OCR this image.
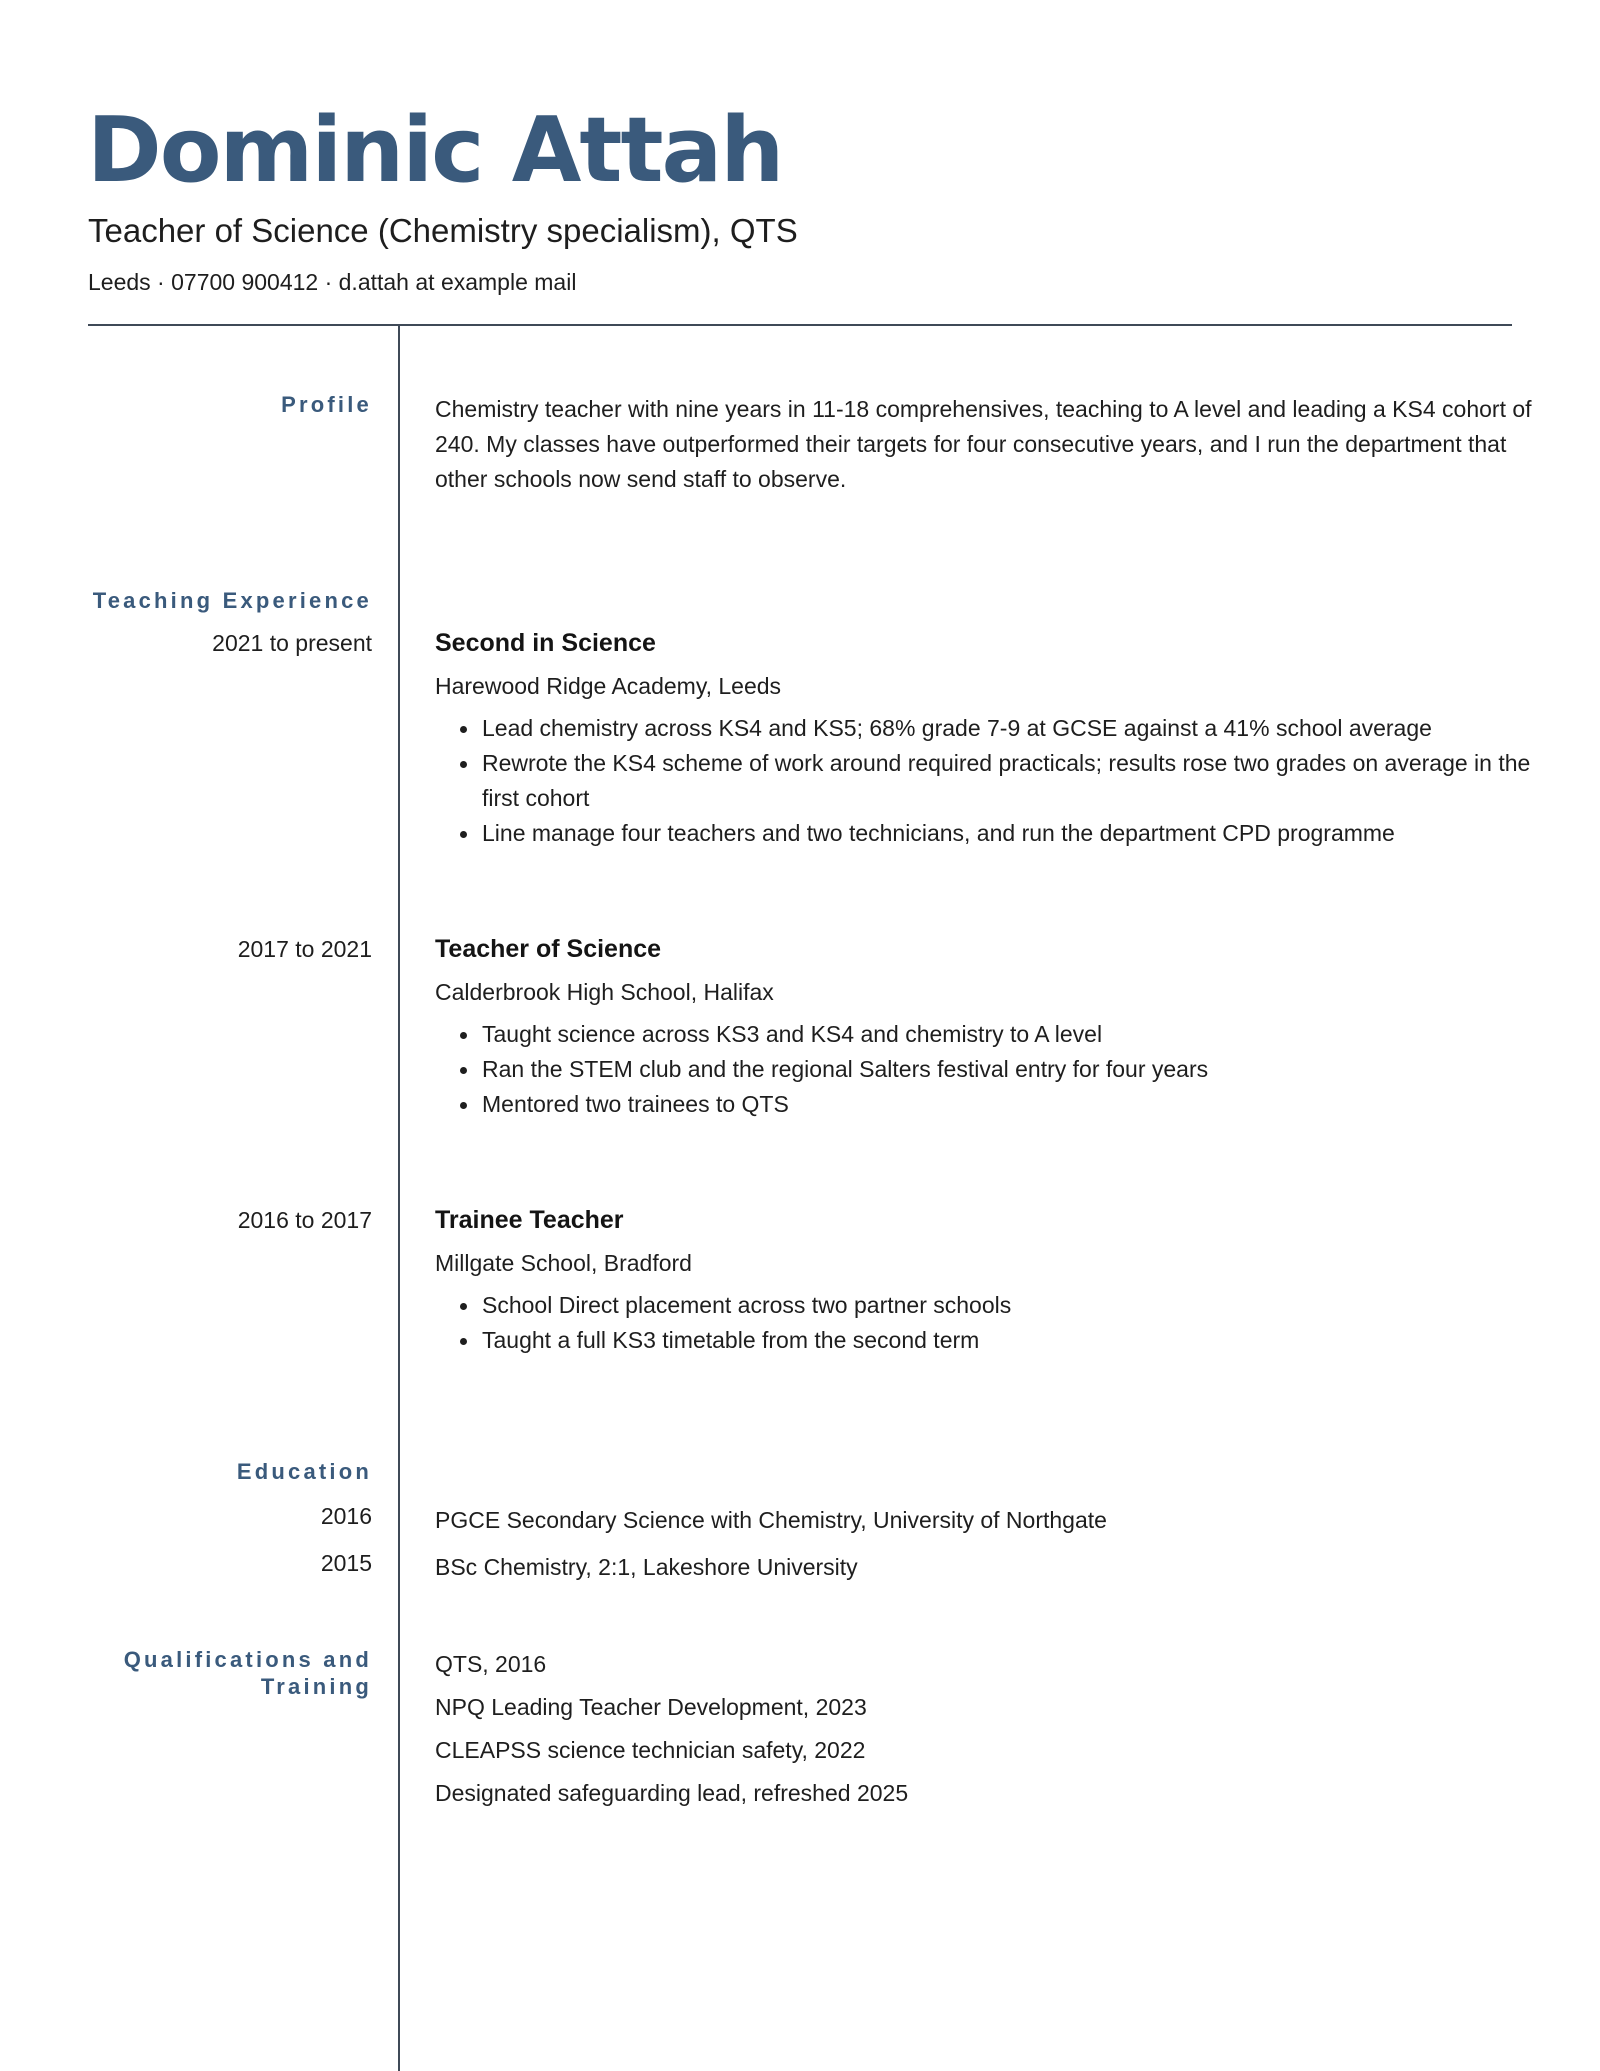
Dominic Attah

Teacher of Science (Chemistry specialism), QTS

Leeds · 07700 900412 · d.attah at example mail

Profile	Chemistry teacher with nine years in 11-18 comprehensives, teaching to A level and leading a KS4 cohort of 240. My classes have outperformed their targets for four consecutive years, and I run the department that other schools now send staff to observe.

Teaching Experience

2021 to present	Second in Science

Harewood Ridge Academy, Leeds

Lead chemistry across KS4 and KS5; 68% grade 7-9 at GCSE against a 41% school average
Rewrote the KS4 scheme of work around required practicals; results rose two grades on average in the first cohort
Line manage four teachers and two technicians, and run the department CPD programme

2017 to 2021	Teacher of Science

Calderbrook High School, Halifax

Taught science across KS3 and KS4 and chemistry to A level
Ran the STEM club and the regional Salters festival entry for four years
Mentored two trainees to QTS

2016 to 2017	Trainee Teacher

Millgate School, Bradford

School Direct placement across two partner schools
Taught a full KS3 timetable from the second term

Education

2016	PGCE Secondary Science with Chemistry, University of Northgate

2015	BSc Chemistry, 2:1, Lakeshore University

Qualifications and Training

QTS, 2016

NPQ Leading Teacher Development, 2023

CLEAPSS science technician safety, 2022

Designated safeguarding lead, refreshed 2025
